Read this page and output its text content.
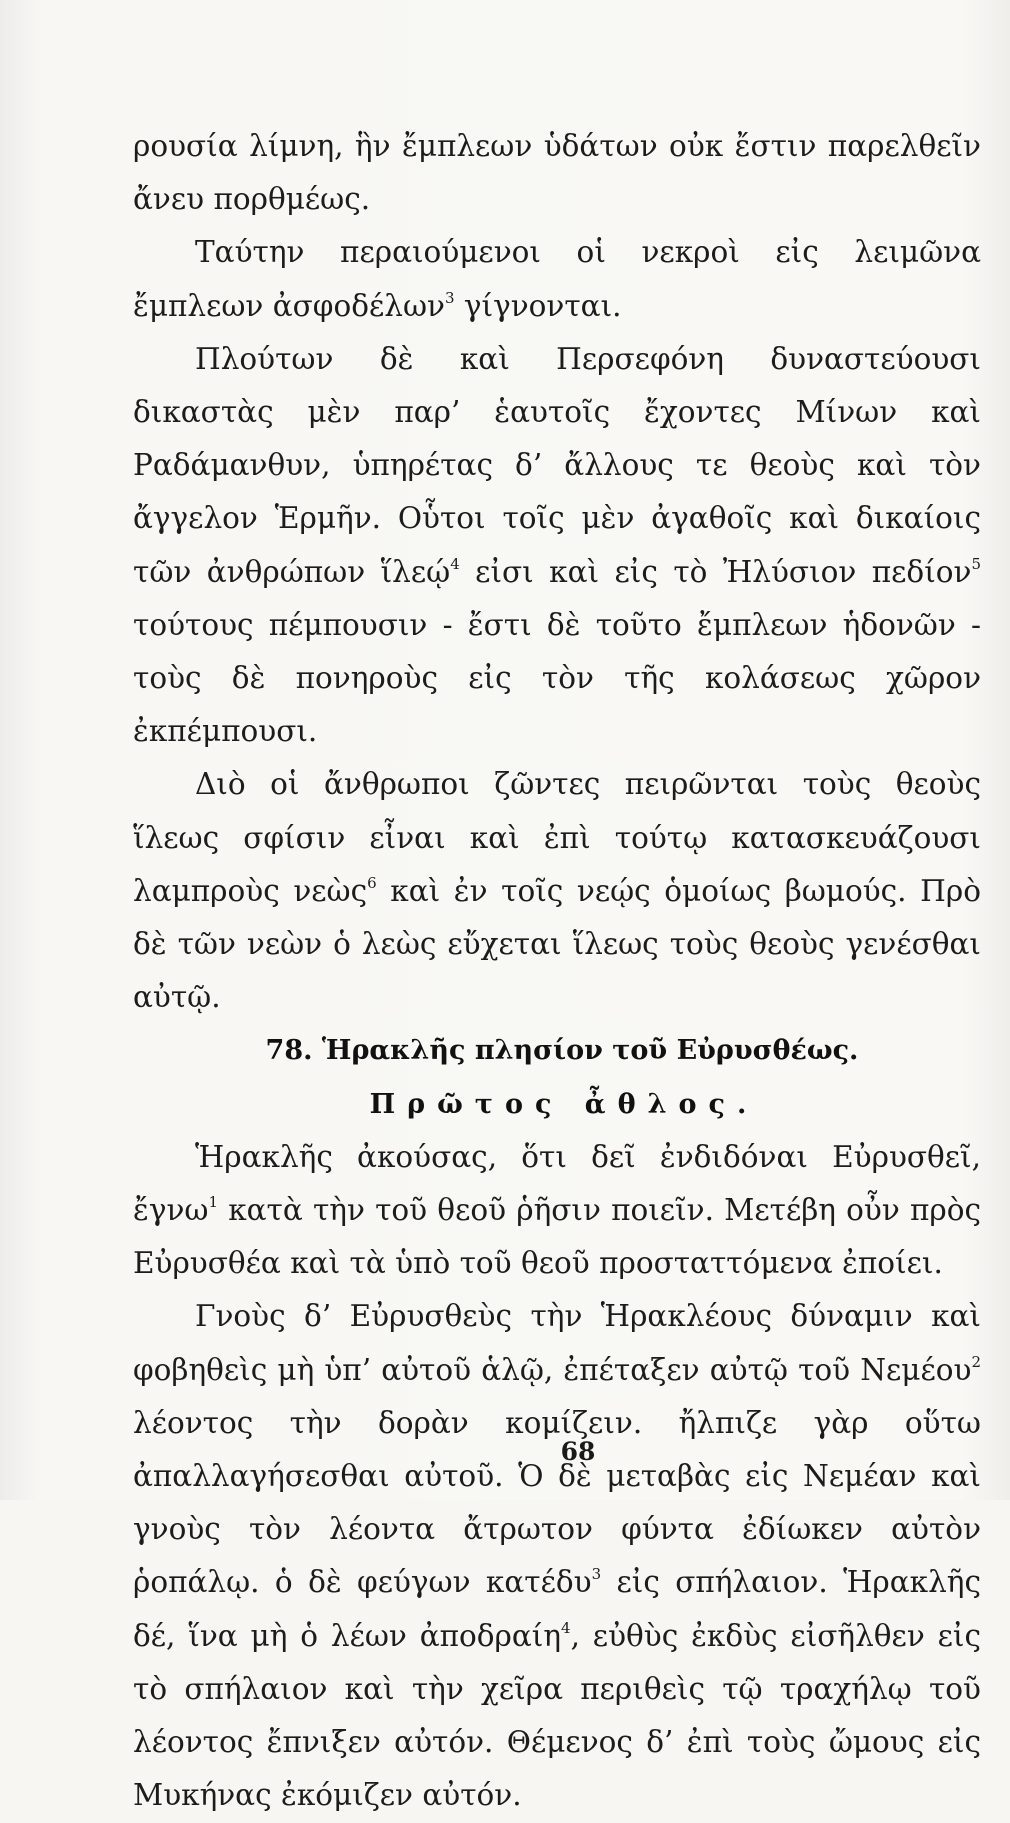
ρουσία λίμνη, ἣν ἔμπλεων ὑδάτων οὐκ ἔστιν παρελθεῖν ἄνευ πορθμέως.

Ταύτην περαιούμενοι οἱ νεκροὶ εἰς λειμῶνα ἔμπλεων ἀσφοδέλων$^3$ γίγνονται.

Πλούτων δὲ καὶ Περσεφόνη δυναστεύουσι δικαστὰς μὲν παρ’ ἑαυτοῖς ἔχοντες Μίνων καὶ Ραδάμανθυν, ὑπηρέτας δ’ ἄλλους τε θεοὺς καὶ τὸν ἄγγελον Ἑρμῆν. Οὗτοι τοῖς μὲν ἀγαθοῖς καὶ δικαίοις τῶν ἀνθρώπων ἵλεῴ$^4$ εἰσι καὶ εἰς τὸ Ἠλύσιον πεδίον$^5$ τούτους πέμπουσιν - ἔστι δὲ τοῦτο ἔμπλεων ἡδονῶν - τοὺς δὲ πονηροὺς εἰς τὸν τῆς κολάσεως χῶρον ἐκπέμπουσι.

Διὸ οἱ ἄνθρωποι ζῶντες πειρῶνται τοὺς θεοὺς ἵλεως σφίσιν εἶναι καὶ ἐπὶ τούτῳ κατασκευάζουσι λαμπροὺς νεὼς$^6$ καὶ ἐν τοῖς νεῴς ὁμοίως βωμούς. Πρὸ δὲ τῶν νεὼν ὁ λεὼς εὔχεται ἵλεως τοὺς θεοὺς γενέσθαι αὐτῷ.

78. Ἡρακλῆς πλησίον τοῦ Εὐρυσθέως.
Πρῶτος ἆθλος.

Ἡρακλῆς ἀκούσας, ὅτι δεῖ ἐνδιδόναι Εὐρυσθεῖ, ἔγνω$^1$ κατὰ τὴν τοῦ θεοῦ ῥῆσιν ποιεῖν. Μετέβη οὖν πρὸς Εὐρυσθέα καὶ τὰ ὑπὸ τοῦ θεοῦ προσταττόμενα ἐποίει.

Γνοὺς δ’ Εὐρυσθεὺς τὴν Ἡρακλέους δύναμιν καὶ φοβηθεὶς μὴ ὑπ’ αὐτοῦ ἁλῷ, ἐπέταξεν αὐτῷ τοῦ Νεμέου$^2$ λέοντος τὴν δορὰν κομίζειν. ἤλπιζε γὰρ οὕτω ἀπαλλαγήσεσθαι αὐτοῦ. Ὁ δὲ μεταβὰς εἰς Νεμέαν καὶ γνοὺς τὸν λέοντα ἄτρωτον φύντα ἐδίωκεν αὐτὸν ῥοπάλῳ. ὁ δὲ φεύγων κατέδυ$^3$ εἰς σπήλαιον. Ἡρακλῆς δέ, ἵνα μὴ ὁ λέων ἀποδραίη$^4$, εὐθὺς ἐκδὺς εἰσῆλθεν εἰς τὸ σπήλαιον καὶ τὴν χεῖρα περιθεὶς τῷ τραχήλῳ τοῦ λέοντος ἔπνιξεν αὐτόν. Θέμενος δ’ ἐπὶ τοὺς ὤμους εἰς Μυκήνας ἐκόμιζεν αὐτόν.

68
